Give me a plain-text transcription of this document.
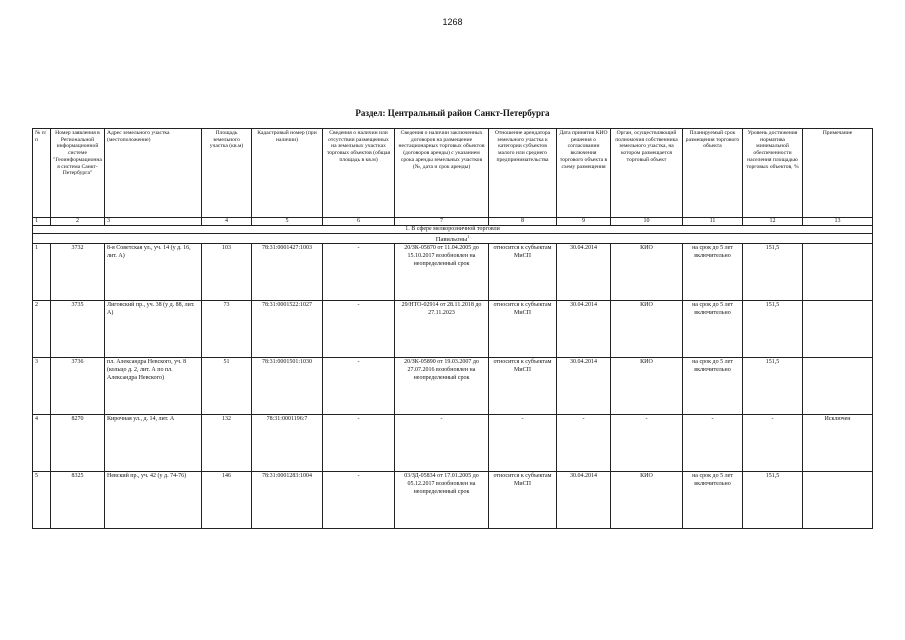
1268
Раздел: Центральный район Санкт-Петербурга
№ п/п	Номер заявления в Региональной информационной системе "Геоинформационная система Санкт-Петербурга"	Адрес земельного участка (местоположение)	Площадь земельного участка (кв.м)	Кадастровый номер (при наличии)	Сведения о наличии или отсутствии размещенных на земельных участках торговых объектов (общая площадь в кв.м)	Сведения о наличии заключенных договоров на размещение нестационарных торговых объектов (договоров аренды) с указанием срока аренды земельных участков (№, дата и срок аренды)	Отношение арендатора земельного участка к категории субъектов малого или среднего предпринимательства	Дата принятия КИО решения о согласовании включения торгового объекта в схему размещения	Орган, осуществляющий полномочия собственника земельного участка, на котором размещается торговый объект	Планируемый срок размещения торгового объекта	Уровень достижения норматива минимальной обеспеченности населения площадью торговых объектов, %	Примечание
1	2	3	4	5	6	7	8	9	10	11	12	13
1. В сфере мелкорозничной торговли												
Павильоны$^1$
1	3732	8-я Советская ул., уч. 14 (у д. 16, лит. А)	103	78:31:0001427:1003	-	20/ЗК-05870 от 11.04.2005 до 15.10.2017 возобновлен на неопределенный срок	относится к субъектам МиСП	30.04.2014	КИО	на срок до 5 лет включительно	151,5	
2	3735	Лиговский пр., уч. 38 (у д. 88, лит. А)	73	78:31:0001522:1027	-	29/НТО-02914 от 28.11.2018 до 27.11.2023	относится к субъектам МиСП	30.04.2014	КИО	на срок до 5 лет включительно	151,5	
3	3736	пл. Александра Невского, уч. 8 (кольцо д. 2, лит. А по пл. Александра Невского)	51	78:31:0001501:1030	-	20/ЗК-05890 от 19.03.2007 до 27.07.2016 возобновлен на неопределенный срок	относится к субъектам МиСП	30.04.2014	КИО	на срок до 5 лет включительно	151,5	
4	8270	Кирочная ул., д. 14, лит. А	132	78:31:0001196:7	-	-	-	-	-	-	-	Исключен
5	8325	Невский пр., уч. 42 (у д. 74-76)	146	78:31:0001283:1004	-	03/ЗД-05834 от 17.01.2005 до 05.12.2017 возобновлен на неопределенный срок	относится к субъектам МиСП	30.04.2014	КИО	на срок до 5 лет включительно	151,5	
